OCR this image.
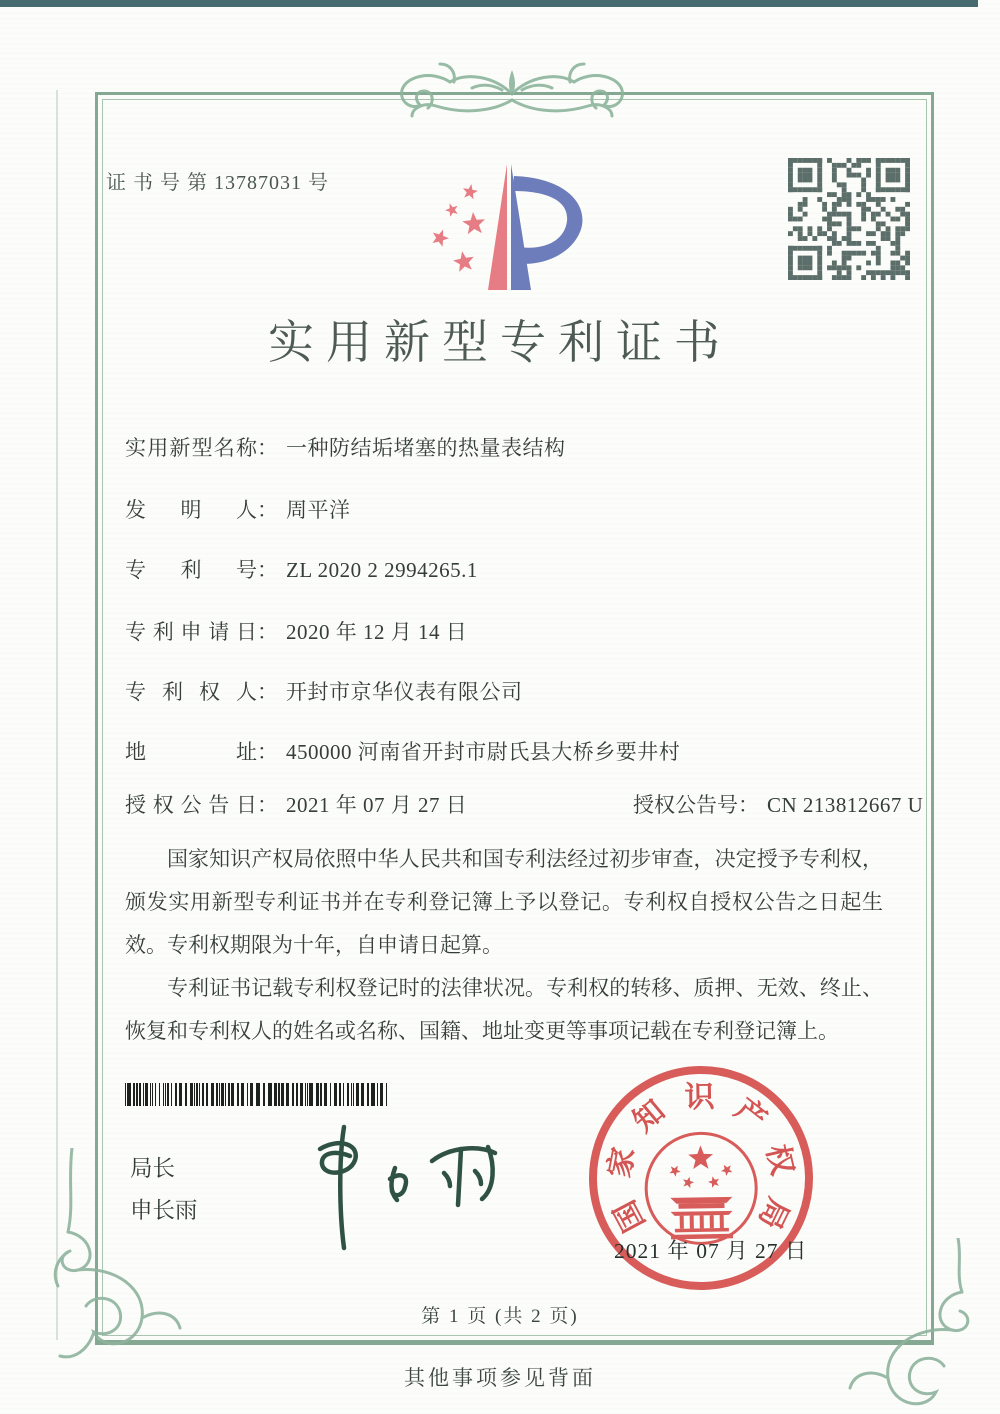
证 书 号 第 13787031 号
实用新型专利证书
实用新型名称： 一种防结垢堵塞的热量表结构
发明人： 周平洋
专利号： ZL 2020 2 2994265.1
专利申请日： 2020 年 12 月 14 日
专利权人： 开封市京华仪表有限公司
地址： 450000 河南省开封市尉氏县大桥乡要井村
授权公告日： 2021 年 07 月 27 日	授权公告号： CN 213812667 U

国家知识产权局依照中华人民共和国专利法经过初步审查，决定授予专利权，颁发实用新型专利证书并在专利登记簿上予以登记。专利权自授权公告之日起生效。专利权期限为十年，自申请日起算。

专利证书记载专利权登记时的法律状况。专利权的转移、质押、无效、终止、恢复和专利权人的姓名或名称、国籍、地址变更等事项记载在专利登记簿上。

局长
申长雨	国
家
知 识 产
权
局
2021 年 07 月 27 日
第 1 页 (共 2 页)
其他事项参见背面
